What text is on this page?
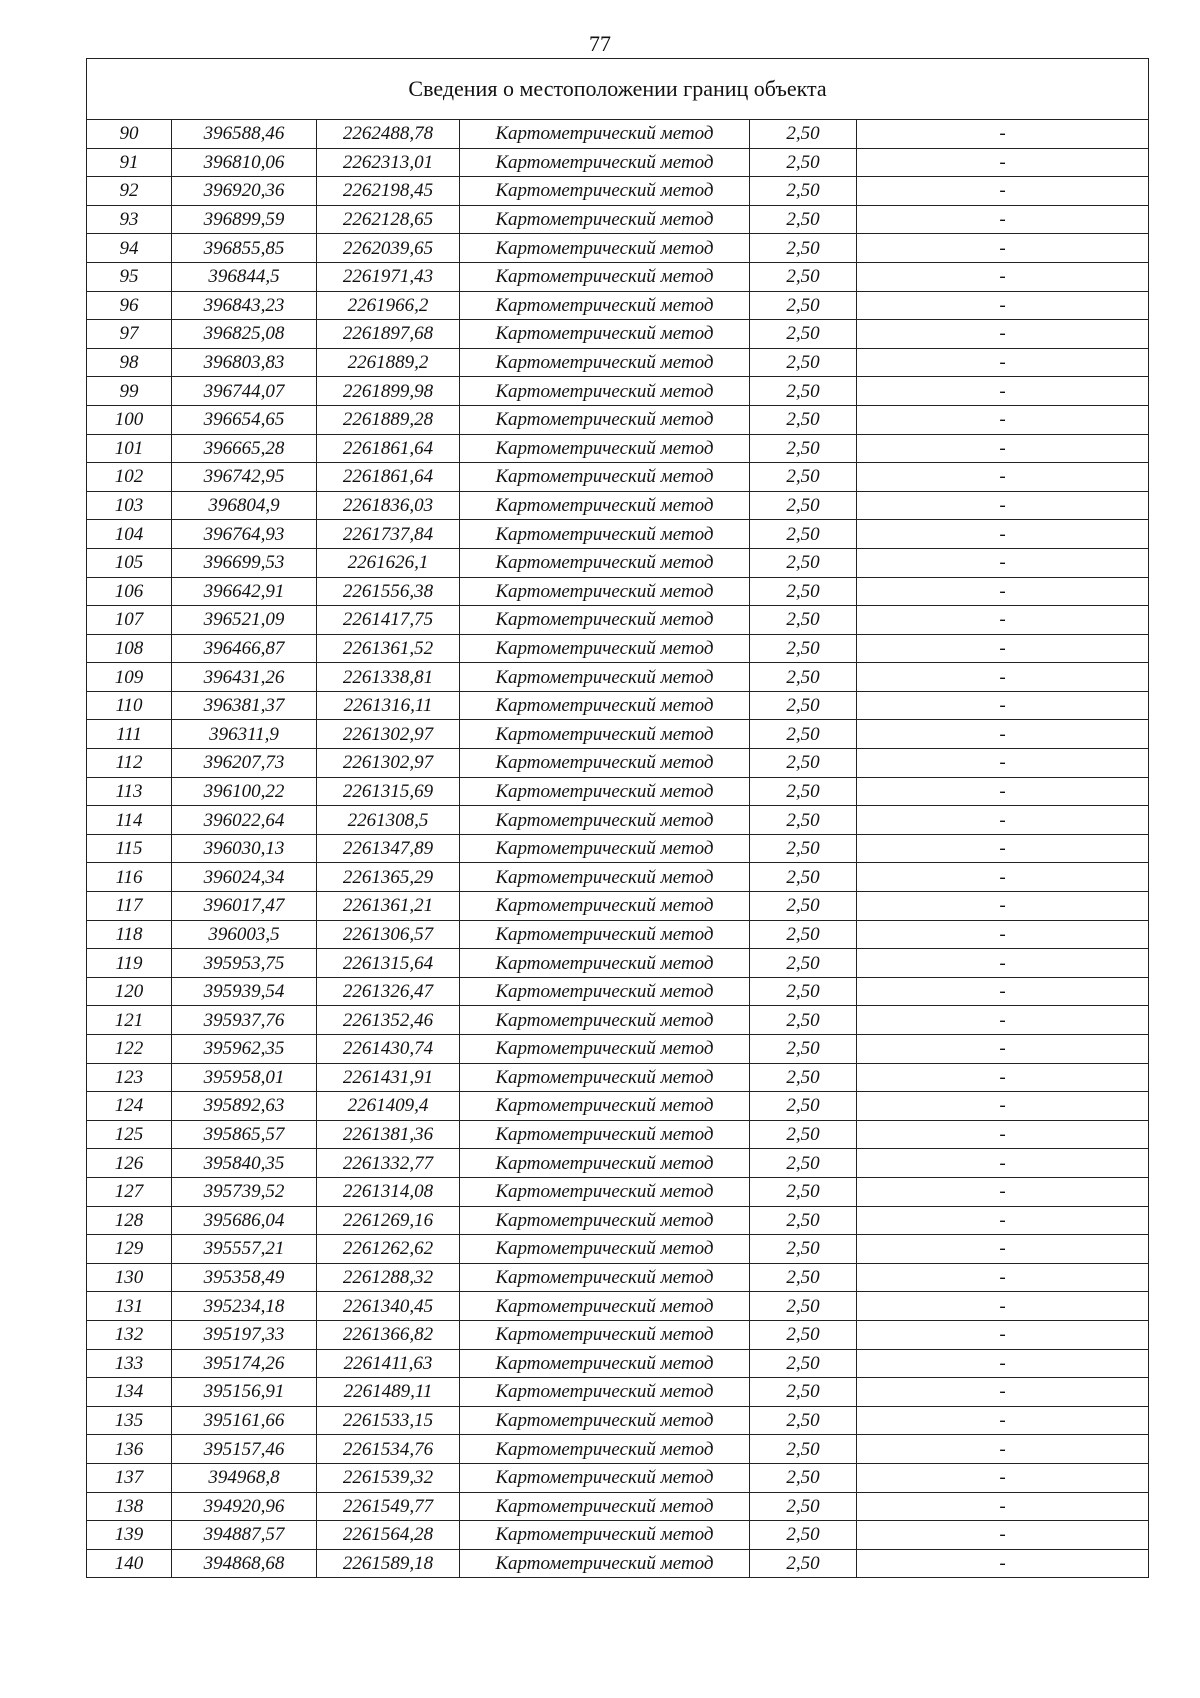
77
Сведения о местоположении границ объекта					
90	396588,46	2262488,78	Картометрический метод	2,50	-
91	396810,06	2262313,01	Картометрический метод	2,50	-
92	396920,36	2262198,45	Картометрический метод	2,50	-
93	396899,59	2262128,65	Картометрический метод	2,50	-
94	396855,85	2262039,65	Картометрический метод	2,50	-
95	396844,5	2261971,43	Картометрический метод	2,50	-
96	396843,23	2261966,2	Картометрический метод	2,50	-
97	396825,08	2261897,68	Картометрический метод	2,50	-
98	396803,83	2261889,2	Картометрический метод	2,50	-
99	396744,07	2261899,98	Картометрический метод	2,50	-
100	396654,65	2261889,28	Картометрический метод	2,50	-
101	396665,28	2261861,64	Картометрический метод	2,50	-
102	396742,95	2261861,64	Картометрический метод	2,50	-
103	396804,9	2261836,03	Картометрический метод	2,50	-
104	396764,93	2261737,84	Картометрический метод	2,50	-
105	396699,53	2261626,1	Картометрический метод	2,50	-
106	396642,91	2261556,38	Картометрический метод	2,50	-
107	396521,09	2261417,75	Картометрический метод	2,50	-
108	396466,87	2261361,52	Картометрический метод	2,50	-
109	396431,26	2261338,81	Картометрический метод	2,50	-
110	396381,37	2261316,11	Картометрический метод	2,50	-
111	396311,9	2261302,97	Картометрический метод	2,50	-
112	396207,73	2261302,97	Картометрический метод	2,50	-
113	396100,22	2261315,69	Картометрический метод	2,50	-
114	396022,64	2261308,5	Картометрический метод	2,50	-
115	396030,13	2261347,89	Картометрический метод	2,50	-
116	396024,34	2261365,29	Картометрический метод	2,50	-
117	396017,47	2261361,21	Картометрический метод	2,50	-
118	396003,5	2261306,57	Картометрический метод	2,50	-
119	395953,75	2261315,64	Картометрический метод	2,50	-
120	395939,54	2261326,47	Картометрический метод	2,50	-
121	395937,76	2261352,46	Картометрический метод	2,50	-
122	395962,35	2261430,74	Картометрический метод	2,50	-
123	395958,01	2261431,91	Картометрический метод	2,50	-
124	395892,63	2261409,4	Картометрический метод	2,50	-
125	395865,57	2261381,36	Картометрический метод	2,50	-
126	395840,35	2261332,77	Картометрический метод	2,50	-
127	395739,52	2261314,08	Картометрический метод	2,50	-
128	395686,04	2261269,16	Картометрический метод	2,50	-
129	395557,21	2261262,62	Картометрический метод	2,50	-
130	395358,49	2261288,32	Картометрический метод	2,50	-
131	395234,18	2261340,45	Картометрический метод	2,50	-
132	395197,33	2261366,82	Картометрический метод	2,50	-
133	395174,26	2261411,63	Картометрический метод	2,50	-
134	395156,91	2261489,11	Картометрический метод	2,50	-
135	395161,66	2261533,15	Картометрический метод	2,50	-
136	395157,46	2261534,76	Картометрический метод	2,50	-
137	394968,8	2261539,32	Картометрический метод	2,50	-
138	394920,96	2261549,77	Картометрический метод	2,50	-
139	394887,57	2261564,28	Картометрический метод	2,50	-
140	394868,68	2261589,18	Картометрический метод	2,50	-
